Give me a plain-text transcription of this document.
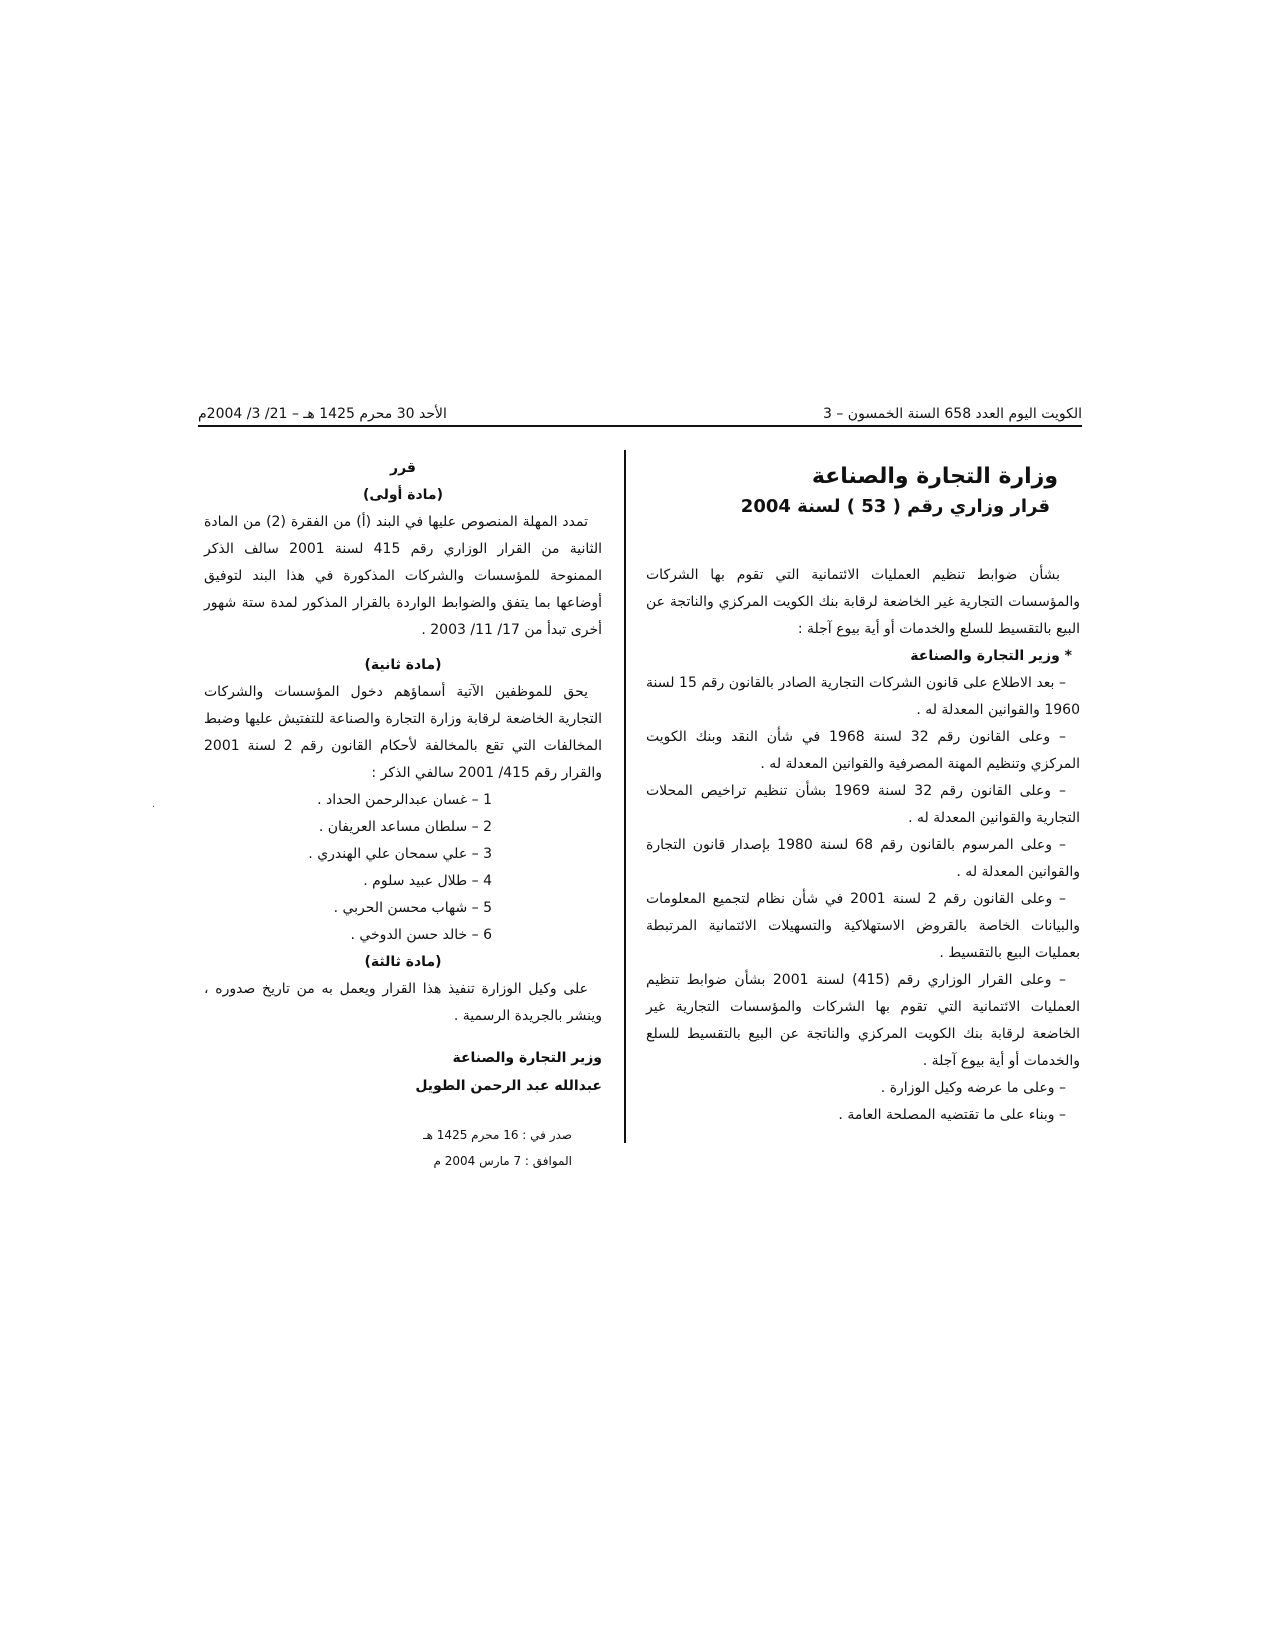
الكويت اليوم العدد 658 السنة الخمسون – 3
الأحد 30 محرم 1425 هـ – 21/ 3/ 2004م
·
وزارة التجارة والصناعة
قرار وزاري رقم ( 53 ) لسنة 2004
بشأن ضوابط تنظيم العمليات الائتمانية التي تقوم بها الشركات والمؤسسات التجارية غير الخاضعة لرقابة بنك الكويت المركزي والناتجة عن البيع بالتقسيط للسلع والخدمات أو أية بيوع آجلة :
* وزير التجارة والصناعة
– بعد الاطلاع على قانون الشركات التجارية الصادر بالقانون رقم 15 لسنة 1960 والقوانين المعدلة له .
– وعلى القانون رقم 32 لسنة 1968 في شأن النقد وبنك الكويت المركزي وتنظيم المهنة المصرفية والقوانين المعدلة له .
– وعلى القانون رقم 32 لسنة 1969 بشأن تنظيم تراخيص المحلات التجارية والقوانين المعدلة له .
– وعلى المرسوم بالقانون رقم 68 لسنة 1980 بإصدار قانون التجارة والقوانين المعدلة له .
– وعلى القانون رقم 2 لسنة 2001 في شأن نظام لتجميع المعلومات والبيانات الخاصة بالقروض الاستهلاكية والتسهيلات الائتمانية المرتبطة بعمليات البيع بالتقسيط .
– وعلى القرار الوزاري رقم (415) لسنة 2001 بشأن ضوابط تنظيم العمليات الائتمانية التي تقوم بها الشركات والمؤسسات التجارية غير الخاضعة لرقابة بنك الكويت المركزي والناتجة عن البيع بالتقسيط للسلع والخدمات أو أية بيوع آجلة .
– وعلى ما عرضه وكيل الوزارة .
– وبناء على ما تقتضيه المصلحة العامة .
قرر
(مادة أولى)
تمدد المهلة المنصوص عليها في البند (أ) من الفقرة (2) من المادة الثانية من القرار الوزاري رقم 415 لسنة 2001 سالف الذكر الممنوحة للمؤسسات والشركات المذكورة في هذا البند لتوفيق أوضاعها بما يتفق والضوابط الواردة بالقرار المذكور لمدة ستة شهور أخرى تبدأ من 17/ 11/ 2003 .
(مادة ثانية)
يحق للموظفين الآتية أسماؤهم دخول المؤسسات والشركات التجارية الخاضعة لرقابة وزارة التجارة والصناعة للتفتيش عليها وضبط المخالفات التي تقع بالمخالفة لأحكام القانون رقم 2 لسنة 2001 والقرار رقم 415/ 2001 سالفي الذكر :
1 – غسان عبدالرحمن الحداد .
2 – سلطان مساعد العريفان .
3 – علي سمحان علي الهندري .
4 – طلال عبيد سلوم .
5 – شهاب محسن الحربي .
6 – خالد حسن الدوخي .
(مادة ثالثة)
على وكيل الوزارة تنفيذ هذا القرار ويعمل به من تاريخ صدوره ، وينشر بالجريدة الرسمية .
وزير التجارة والصناعة
عبدالله عبد الرحمن الطويل
صدر في : 16 محرم 1425 هـ
الموافق : 7 مارس 2004 م
